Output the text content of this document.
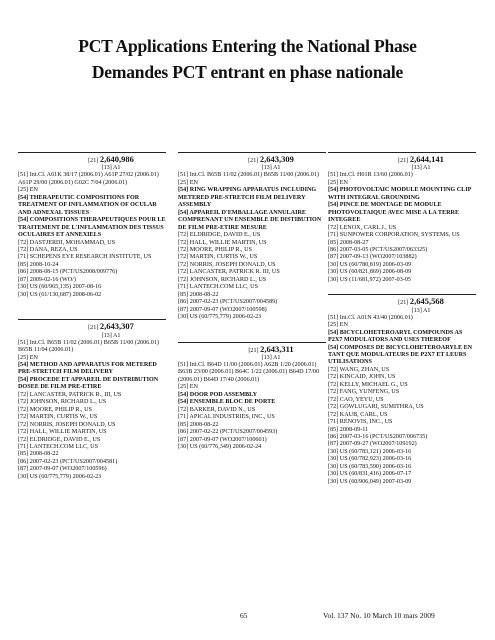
PCT Applications Entering the National Phase
Demandes PCT entrant en phase nationale
[21] 2,640,986
[13] A1
[51] Int.Cl. A61K 38/17 (2006.01) A61P 27/02 (2006.01) A61P 29/00 (2006.01) G02C 7/04 (2006.01)
[25] EN
[54] THERAPEUTIC COMPOSITIONS FOR TREATMENT OF INFLAMMATION OF OCULAR AND ADNEXAL TISSUES
[54] COMPOSITIONS THERAPEUTIQUES POUR LE TRAITEMENT DE L'INFLAMMATION DES TISSUS OCULAIRES ET ANNEXIELS
[72] DASTJERDI, MOHAMMAD, US
[72] DANA, REZA, US
[71] SCHEPENS EYE RESEARCH INSTITUTE, US
[85] 2008-10-24
[86] 2008-08-15 (PCT/US2008/009776)
[87] 2009-02-16 (WO/)
[30] US (60/965,135) 2007-08-16
[30] US (61/130,687) 2008-06-02
[21] 2,643,307
[13] A1
[51] Int.Cl. B65B 11/02 (2006.01) B65B 11/00 (2006.01) B65B 11/04 (2006.01)
[25] EN
[54] METHOD AND APPARATUS FOR METERED PRE-STRETCH FILM DELIVERY
[54] PROCEDE ET APPAREIL DE DISTRIBUTION DOSEE DE FILM PRE-ETIRE
[72] LANCASTER, PATRICK R., III, US
[72] JOHNSON, RICHARD L., US
[72] MOORE, PHILIP R., US
[72] MARTIN, CURTIS W., US
[72] NORRIS, JOSEPH DONALD, US
[72] HALL, WILLIE MARTIN, US
[72] ELDRIDGE, DAVID E., US
[71] LANTECH.COM LLC, US
[85] 2008-08-22
[86] 2007-02-23 (PCT/US2007/004581)
[87] 2007-09-07 (WO2007/100596)
[30] US (60/775,779) 2006-02-23
[21] 2,643,309
[13] A1
[51] Int.Cl. B65B 11/02 (2006.01) B65B 11/00 (2006.01)
[25] EN
[54] RING WRAPPING APPARATUS INCLUDING METERED PRE-STRETCH FILM DELIVERY ASSEMBLY
[54] APPAREIL D'EMBALLAGE ANNULAIRE COMPRENANT UN ENSEMBLE DE DISTIBUTION DE FILM PRE-ETIRE MESURE
[72] ELDRIDGE, DAVID E., US
[72] HALL, WILLIE MARTIN, US
[72] MOORE, PHILIP R., US
[72] MARTIN, CURTIS W., US
[72] NORRIS, JOSEPH DONALD, US
[72] LANCASTER, PATRICK R. III, US
[72] JOHNSON, RICHARD L., US
[71] LANTECH.COM LLC, US
[85] 2008-08-22
[86] 2007-02-23 (PCT/US2007/004589)
[87] 2007-09-07 (WO2007/100598)
[30] US (60/775,779) 2006-02-23
[21] 2,643,311
[13] A1
[51] Int.Cl. B64D 11/00 (2006.01) A62B 1/20 (2006.01) B63B 23/00 (2006.01) B64C 1/22 (2006.01) B64D 17/00 (2006.01) B64D 17/40 (2006.01)
[25] EN
[54] DOOR POD ASSEMBLY
[54] ENSEMBLE BLOC DE PORTE
[72] BARKER, DAVID N., US
[71] APICAL INDUSTRIES, INC., US
[85] 2008-08-22
[86] 2007-02-22 (PCT/US2007/004593)
[87] 2007-09-07 (WO2007/100601)
[30] US (60/776,349) 2006-02-24
[21] 2,644,141
[13] A1
[51] Int.Cl. H01R 13/60 (2006.01)
[25] EN
[54] PHOTOVOLTAIC MODULE MOUNTING CLIP WITH INTEGRAL GROUNDING
[54] PINCE DE MONTAGE DE MODULE PHOTOVOLTAIQUE AVEC MISE A LA TERRE INTEGREE
[72] LENOX, CARL J., US
[71] SUNPOWER CORPORATION, SYSTEMS, US
[85] 2008-08-27
[86] 2007-03-05 (PCT/US2007/063325)
[87] 2007-09-13 (WO2007/103882)
[30] US (60/780,819) 2006-03-09
[30] US (60/821,869) 2006-08-09
[30] US (11/681,972) 2007-03-05
[21] 2,645,568
[13] A1
[51] Int.Cl. A01N 43/40 (2006.01)
[25] EN
[54] BICYCLOHETEROARYL COMPOUNDS AS P2X7 MODULATORS AND USES THEREOF
[54] COMPOSES DE BICYCLOHETEROARYLE EN TANT QUE MODULATEURS DE P2X7 ET LEURS UTILISATIONS
[72] WANG, ZHAN, US
[72] KINCAID, JOHN, US
[72] KELLY, MICHAEL G., US
[72] FANG, YUNFENG, US
[72] CAO, YEYU, US
[72] GOWLUGARI, SUMITHRA, US
[72] KAUB, CARL, US
[71] RENOVIS, INC., US
[85] 2008-09-11
[86] 2007-03-16 (PCT/US2007/006735)
[87] 2007-09-27 (WO2007/109192)
[30] US (60/783,121) 2006-03-16
[30] US (60/782,923) 2006-03-16
[30] US (60/783,590) 2006-03-16
[30] US (60/831,416) 2006-07-17
[30] US (60/906,049) 2007-03-09
65	Vol. 137 No. 10 March 10 mars 2009
